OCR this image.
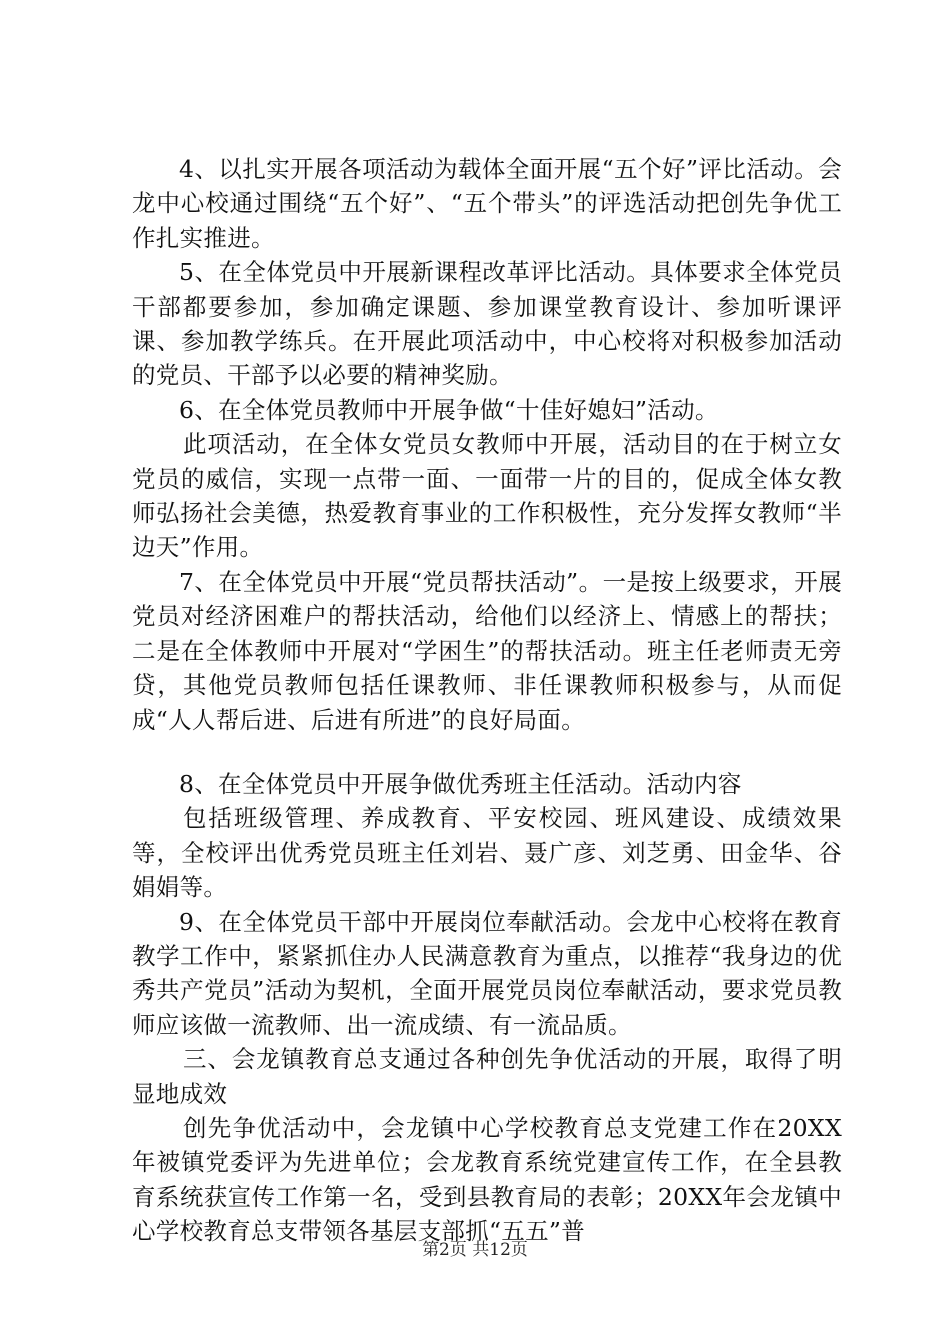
4、以扎实开展各项活动为载体全面开展“五个好”评比活动。会龙中心校通过围绕“五个好”、“五个带头”的评选活动把创先争优工作扎实推进。

5、在全体党员中开展新课程改革评比活动。具体要求全体党员干部都要参加，参加确定课题、参加课堂教育设计、参加听课评课、参加教学练兵。在开展此项活动中，中心校将对积极参加活动的党员、干部予以必要的精神奖励。

6、在全体党员教师中开展争做“十佳好媳妇”活动。

此项活动，在全体女党员女教师中开展，活动目的在于树立女党员的威信，实现一点带一面、一面带一片的目的，促成全体女教师弘扬社会美德，热爱教育事业的工作积极性，充分发挥女教师“半边天”作用。

7、在全体党员中开展“党员帮扶活动”。一是按上级要求，开展党员对经济困难户的帮扶活动，给他们以经济上、情感上的帮扶；二是在全体教师中开展对“学困生”的帮扶活动。班主任老师责无旁贷，其他党员教师包括任课教师、非任课教师积极参与，从而促成“人人帮后进、后进有所进”的良好局面。

8、在全体党员中开展争做优秀班主任活动。活动内容

包括班级管理、养成教育、平安校园、班风建设、成绩效果等，全校评出优秀党员班主任刘岩、聂广彦、刘芝勇、田金华、谷娟娟等。

9、在全体党员干部中开展岗位奉献活动。会龙中心校将在教育教学工作中，紧紧抓住办人民满意教育为重点，以推荐“我身边的优秀共产党员”活动为契机，全面开展党员岗位奉献活动，要求党员教师应该做一流教师、出一流成绩、有一流品质。

三、会龙镇教育总支通过各种创先争优活动的开展，取得了明显地成效

创先争优活动中，会龙镇中心学校教育总支党建工作在20XX年被镇党委评为先进单位；会龙教育系统党建宣传工作，在全县教育系统获宣传工作第一名，受到县教育局的表彰；20XX年会龙镇中心学校教育总支带领各基层支部抓“五五”普

第2页 共12页
